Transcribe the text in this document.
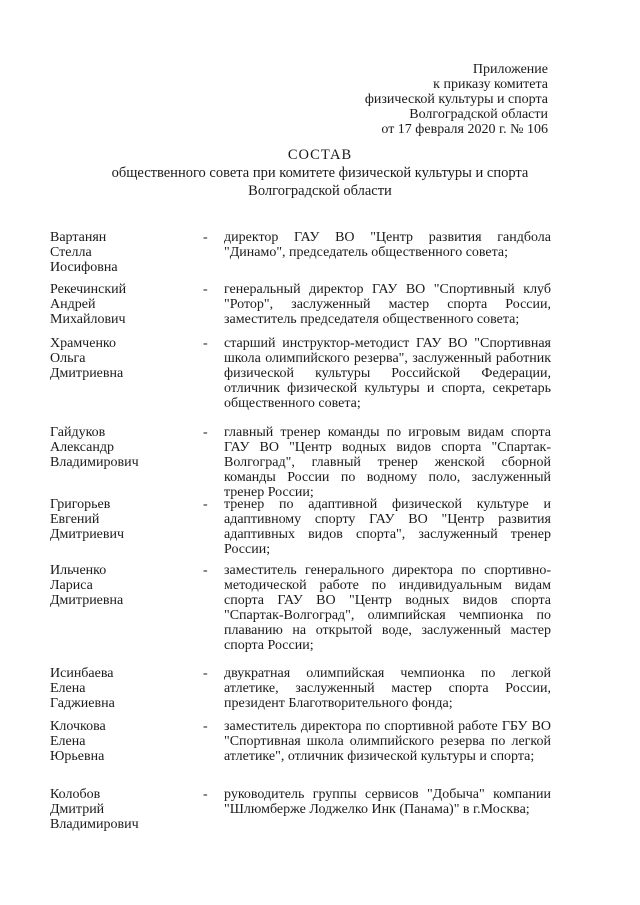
Приложение
к приказу комитета
физической культуры и спорта
Волгоградской области
от 17 февраля 2020 г. № 106
СОСТАВ
общественного совета при комитете физической культуры и спорта
Волгоградской области
Вартанян
Стелла
Иосифовна
- директор ГАУ ВО "Центр развития гандбола "Динамо", председатель общественного совета;
Рекечинский
Андрей
Михайлович
- генеральный директор ГАУ ВО "Спортивный клуб "Ротор", заслуженный мастер спорта России, заместитель председателя общественного совета;
Храмченко
Ольга
Дмитриевна
- старший инструктор-методист ГАУ ВО "Спортивная школа олимпийского резерва", заслуженный работник физической культуры Российской Федерации, отличник физической культуры и спорта, секретарь общественного совета;
Гайдуков
Александр
Владимирович
- главный тренер команды по игровым видам спорта ГАУ ВО "Центр водных видов спорта "Спартак-Волгоград", главный тренер женской сборной команды России по водному поло, заслуженный тренер России;
Григорьев
Евгений
Дмитриевич
- тренер по адаптивной физической культуре и адаптивному спорту ГАУ ВО "Центр развития адаптивных видов спорта", заслуженный тренер России;
Ильченко
Лариса
Дмитриевна
- заместитель генерального директора по спортивно-методической работе по индивидуальным видам спорта ГАУ ВО "Центр водных видов спорта "Спартак-Волгоград", олимпийская чемпионка по плаванию на открытой воде, заслуженный мастер спорта России;
Исинбаева
Елена
Гаджиевна
- двукратная олимпийская чемпионка по легкой атлетике, заслуженный мастер спорта России, президент Благотворительного фонда;
Клочкова
Елена
Юрьевна
- заместитель директора по спортивной работе ГБУ ВО "Спортивная школа олимпийского резерва по легкой атлетике", отличник физической культуры и спорта;
Колобов
Дмитрий
Владимирович
- руководитель группы сервисов "Добыча" компании "Шлюмберже Лоджелко Инк (Панама)" в г.Москва;
